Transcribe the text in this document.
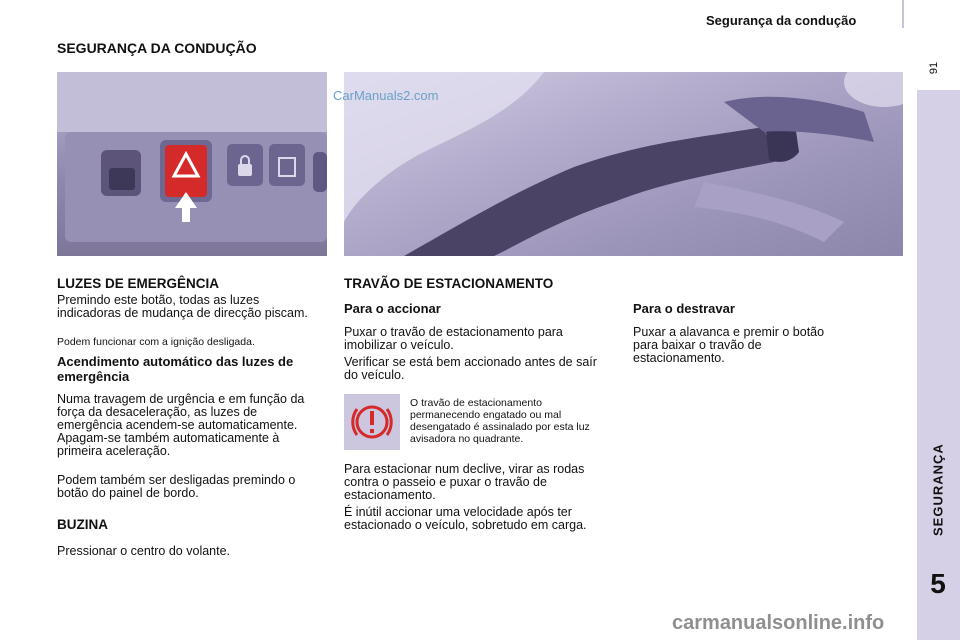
Segurança da condução
91
SEGURANÇA
5
SEGURANÇA DA CONDUÇÃO
CarManuals2.com
LUZES DE EMERGÊNCIA

Premindo este botão, todas as luzes indicadoras de mudança de direcção piscam.

Podem funcionar com a ignição desligada.

Acendimento automático das luzes de emergência

Numa travagem de urgência e em função da força da desaceleração, as luzes de emergência acendem-se automaticamente. Apagam-se também automaticamente à primeira aceleração.

Podem também ser desligadas premindo o botão do painel de bordo.

BUZINA

Pressionar o centro do volante.

TRAVÃO DE ESTACIONAMENTO
Para o accionar

Puxar o travão de estacionamento para imobilizar o veículo.

Verificar se está bem accionado antes de saír do veículo.

O travão de estacionamento permanecendo engatado ou mal desengatado é assinalado por esta luz avisadora no quadrante.

Para estacionar num declive, virar as rodas contra o passeio e puxar o travão de estacionamento.

É inútil accionar uma velocidade após ter estacionado o veículo, sobretudo em carga.

Para o destravar

Puxar a alavanca e premir o botão para baixar o travão de estacionamento.

carmanualsonline.info
